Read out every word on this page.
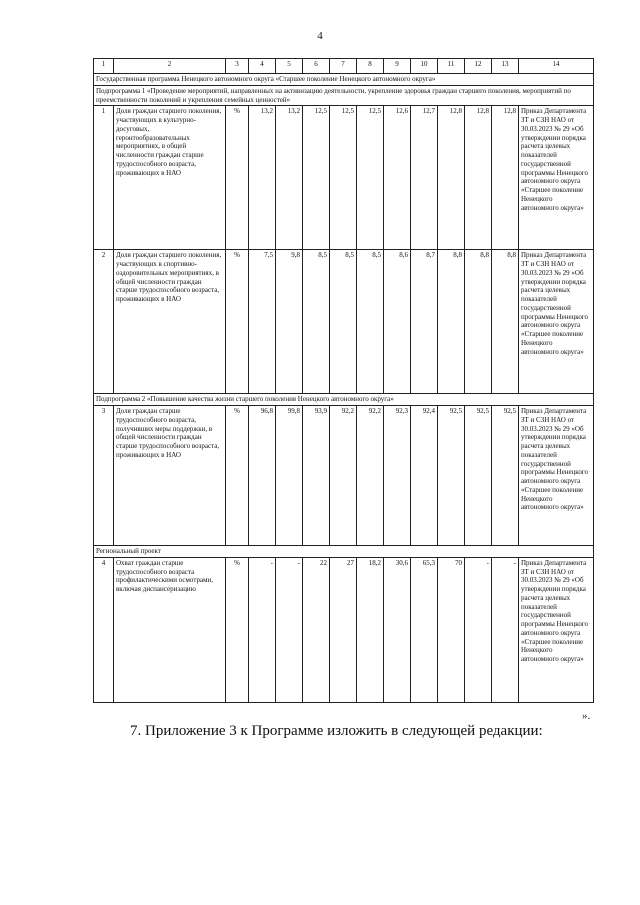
4
1	2	3	4	5	6	7	8	9	10	11	12	13	14
Государственная программа Ненецкого автономного округа «Старшее поколение Ненецкого автономного округа»													
Подпрограмма 1 «Проведение мероприятий, направленных на активизацию деятельности, укрепление здоровья граждан старшего поколения, мероприятий по преемственности поколений и укрепления семейных ценностей»													
1	Доля граждан старшего поколения, участвующих в культурно-досуговых, геронтообразовательных мероприятиях, в общей численности граждан старше трудоспособного возраста, проживающих в НАО	%	13,2	13,2	12,5	12,5	12,5	12,6	12,7	12,8	12,8	12,8	Приказ Департамента ЗТ и СЗН НАО от 30.03.2023 № 29 «Об утверждении порядка расчета целевых показателей государственной программы Ненецкого автономного округа «Старшее поколение Ненецкого автономного округа»
2	Доля граждан старшего поколения, участвующих в спортивно-оздоровительных мероприятиях, в общей численности граждан старше трудоспособного возраста, проживающих в НАО	%	7,5	9,8	8,5	8,5	8,5	8,6	8,7	8,8	8,8	8,8	Приказ Департамента ЗТ и СЗН НАО от 30.03.2023 № 29 «Об утверждении порядка расчета целевых показателей государственной программы Ненецкого автономного округа «Старшее поколение Ненецкого автономного округа»
Подпрограмма 2 «Повышение качества жизни старшего поколения Ненецкого автономного округа»													
3	Доля граждан старше трудоспособного возраста, получивших меры поддержки, в общей численности граждан старше трудоспособного возраста, проживающих в НАО	%	96,8	99,8	93,9	92,2	92,2	92,3	92,4	92,5	92,5	92,5	Приказ Департамента ЗТ и СЗН НАО от 30.03.2023 № 29 «Об утверждении порядка расчета целевых показателей государственной программы Ненецкого автономного округа «Старшее поколение Ненецкого автономного округа»
Региональный проект													
4	Охват граждан старше трудоспособного возраста профилактическими осмотрами, включая диспансеризацию	%	-	-	22	27	18,2	30,6	65,3	70	-	-	Приказ Департамента ЗТ и СЗН НАО от 30.03.2023 № 29 «Об утверждении порядка расчета целевых показателей государственной программы Ненецкого автономного округа «Старшее поколение Ненецкого автономного округа»
».
7. Приложение 3 к Программе изложить в следующей редакции:
